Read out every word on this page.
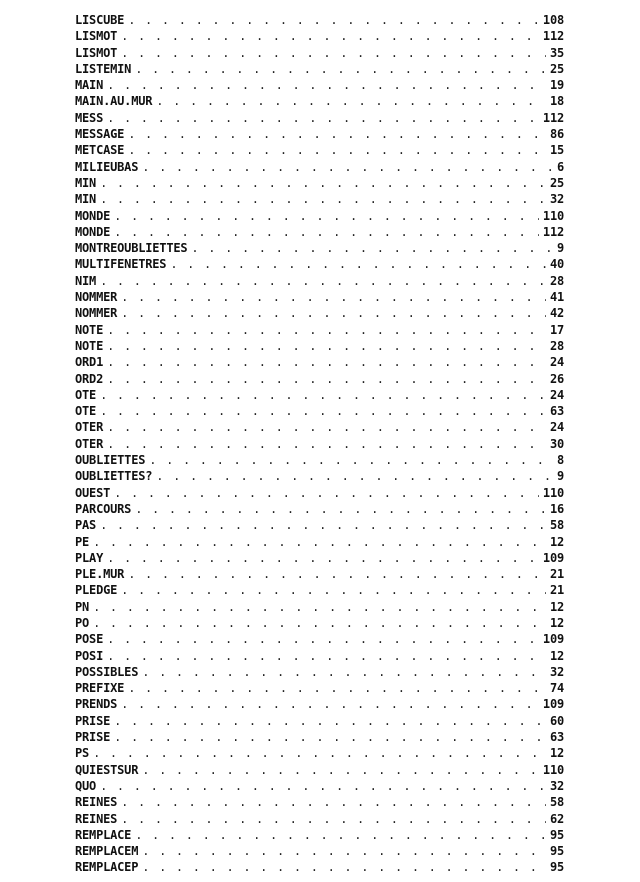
LISCUBE . . .	108
LISMOT . . .	112
LISMOT . . .	35
LISTEMIN . . .	25
MAIN . . .	19
MAIN.AU.MUR . . .	18
MESS . . .	112
MESSAGE . . .	86
METCASE . . .	15
MILIEUBAS . . .	6
MIN . . .	25
MIN . . .	32
MONDE . . .	110
MONDE . . .	112
MONTREOUBLIETTES . . .	9
MULTIFENETRES . . .	40
NIM . . .	28
NOMMER . . .	41
NOMMER . . .	42
NOTE . . .	17
NOTE . . .	28
ORD1 . . .	24
ORD2 . . .	26
OTE . . .	24
OTE . . .	63
OTER . . .	24
OTER . . .	30
OUBLIETTES . . .	8
OUBLIETTES? . . .	9
OUEST . . .	110
PARCOURS . . .	16
PAS . . .	58
PE . . .	12
PLAY . . .	109
PLE.MUR . . .	21
PLEDGE . . .	21
PN . . .	12
PO . . .	12
POSE . . .	109
POSI . . .	12
POSSIBLES . . .	32
PREFIXE . . .	74
PRENDS . . .	109
PRISE . . .	60
PRISE . . .	63
PS . . .	12
QUIESTSUR . . .	110
QUO . . .	32
REINES . . .	58
REINES . . .	62
REMPLACE . . .	95
REMPLACEM . . .	95
REMPLACEP . . .	95
